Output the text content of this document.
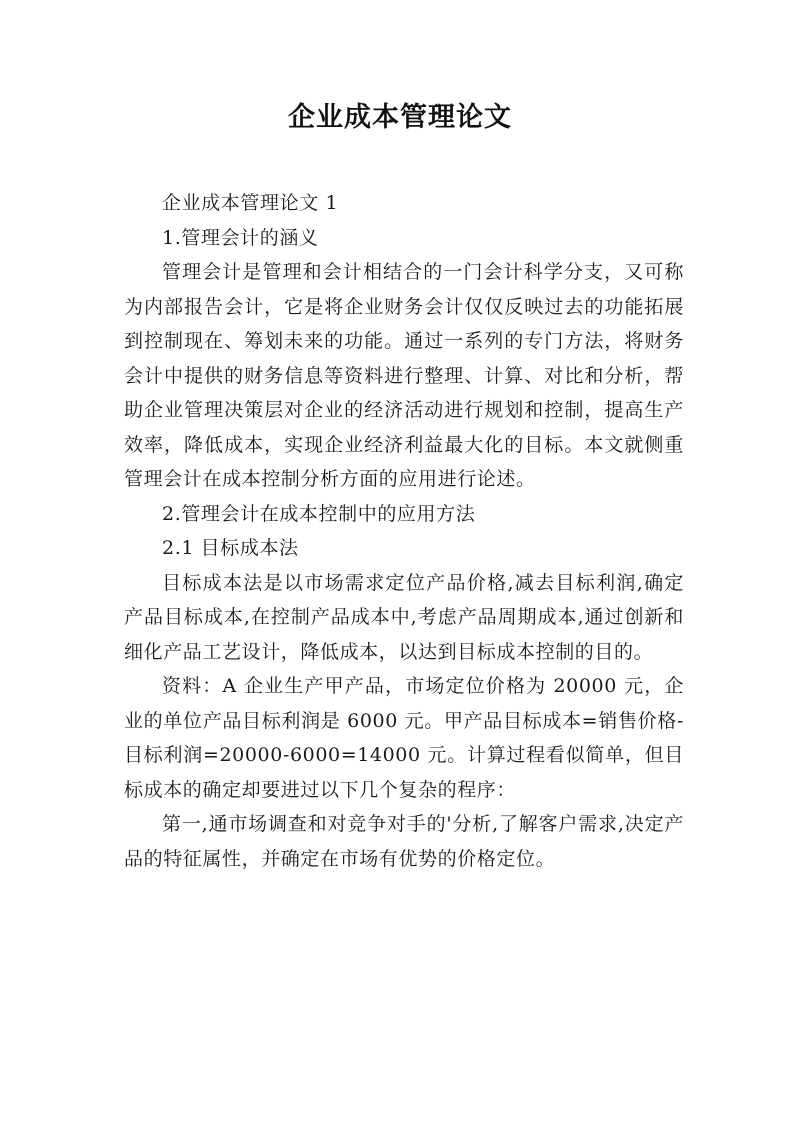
企业成本管理论文

企业成本管理论文 1

1.管理会计的涵义

管理会计是管理和会计相结合的一门会计科学分支，又可称为内部报告会计，它是将企业财务会计仅仅反映过去的功能拓展到控制现在、筹划未来的功能。通过一系列的专门方法，将财务会计中提供的财务信息等资料进行整理、计算、对比和分析，帮助企业管理决策层对企业的经济活动进行规划和控制，提高生产效率，降低成本，实现企业经济利益最大化的目标。本文就侧重管理会计在成本控制分析方面的应用进行论述。

2.管理会计在成本控制中的应用方法

2.1 目标成本法

目标成本法是以市场需求定位产品价格,减去目标利润,确定产品目标成本,在控制产品成本中,考虑产品周期成本,通过创新和细化产品工艺设计，降低成本，以达到目标成本控制的目的。

资料：A 企业生产甲产品，市场定位价格为 20000 元，企业的单位产品目标利润是 6000 元。甲产品目标成本=销售价格-目标利润=20000-6000=14000 元。计算过程看似简单，但目标成本的确定却要进过以下几个复杂的程序：

第一,通市场调查和对竞争对手的'分析,了解客户需求,决定产品的特征属性，并确定在市场有优势的价格定位。
